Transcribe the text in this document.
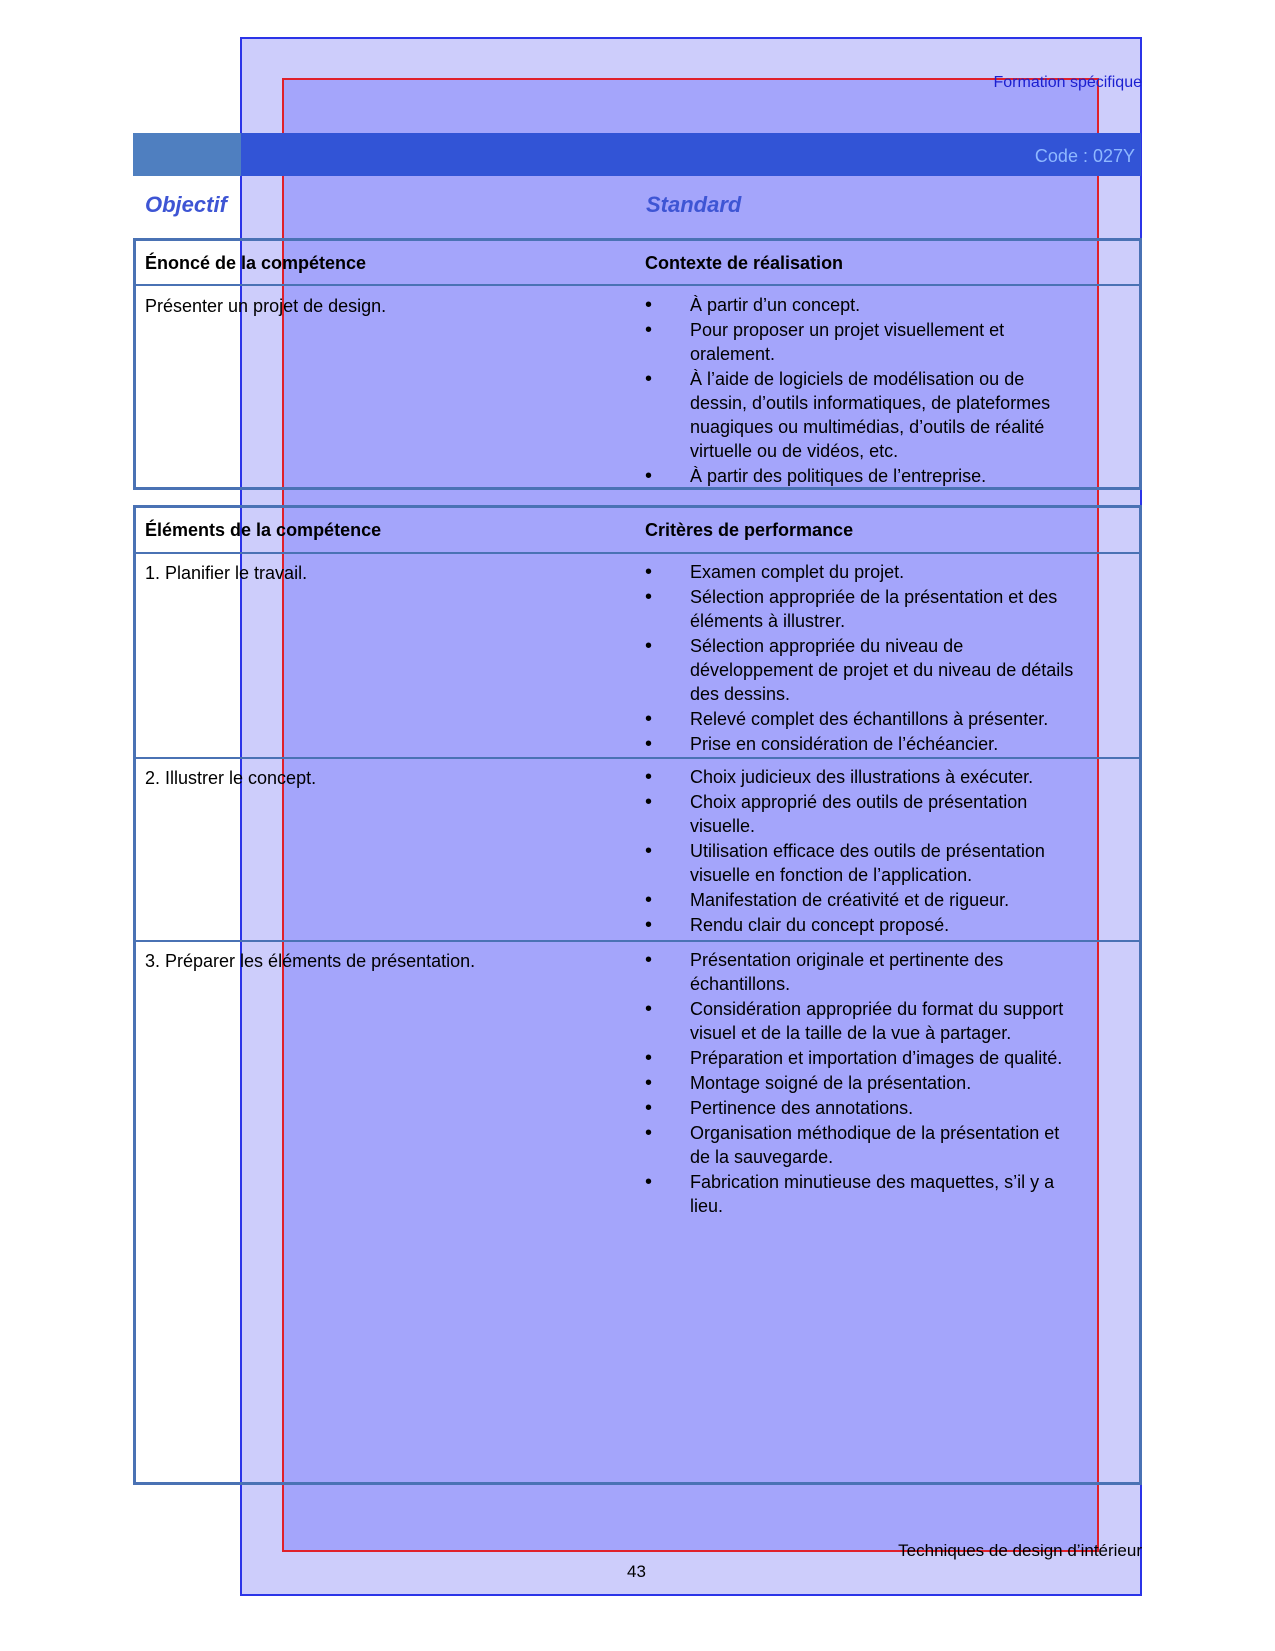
Formation spécifique
Code : 027Y
Objectif	Standard
Énoncé de la compétence	Contexte de réalisation
Présenter un projet de design.	• À partir d’un concept.
• Pour proposer un projet visuellement et oralement.
• À l’aide de logiciels de modélisation ou de dessin, d’outils informatiques, de plateformes nuagiques ou multimédias, d’outils de réalité virtuelle ou de vidéos, etc.
• À partir des politiques de l’entreprise.
Éléments de la compétence	Critères de performance
1. Planifier le travail.	• Examen complet du projet.
• Sélection appropriée de la présentation et des éléments à illustrer.
• Sélection appropriée du niveau de développement de projet et du niveau de détails des dessins.
• Relevé complet des échantillons à présenter.
• Prise en considération de l’échéancier.
2. Illustrer le concept.	• Choix judicieux des illustrations à exécuter.
• Choix approprié des outils de présentation visuelle.
• Utilisation efficace des outils de présentation visuelle en fonction de l’application.
• Manifestation de créativité et de rigueur.
• Rendu clair du concept proposé.
3. Préparer les éléments de présentation.	• Présentation originale et pertinente des échantillons.
• Considération appropriée du format du support visuel et de la taille de la vue à partager.
• Préparation et importation d’images de qualité.
• Montage soigné de la présentation.
• Pertinence des annotations.
• Organisation méthodique de la présentation et de la sauvegarde.
• Fabrication minutieuse des maquettes, s’il y a lieu.
Techniques de design d’intérieur
43
